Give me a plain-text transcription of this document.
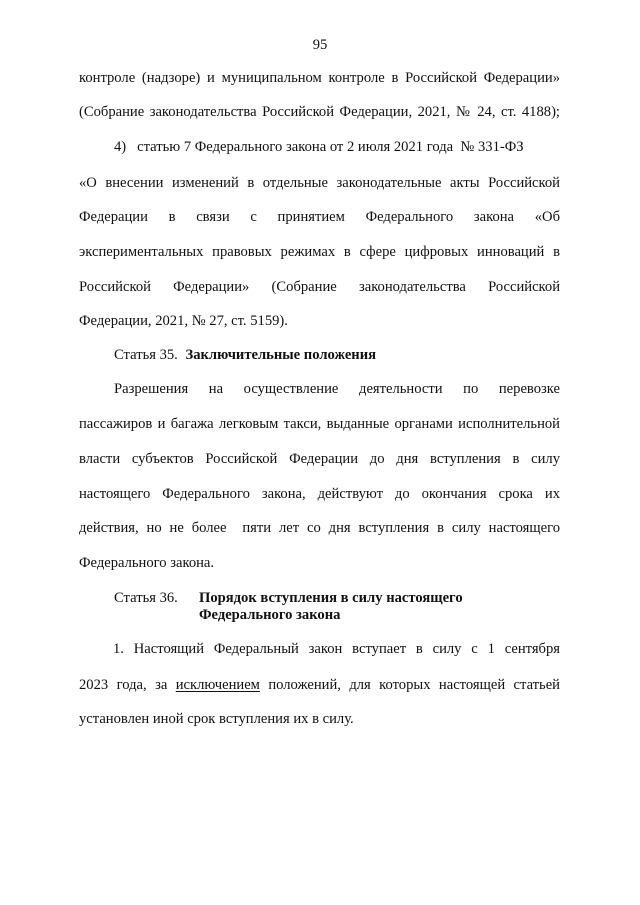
95
контроле (надзоре) и муниципальном контроле в Российской Федерации»
(Собрание законодательства Российской Федерации, 2021, № 24, ст. 4188);
4)   статью 7 Федерального закона от 2 июля 2021 года  № 331-ФЗ
«О внесении изменений в отдельные законодательные акты Российской
Федерации в связи с принятием Федерального закона «Об
экспериментальных правовых режимах в сфере цифровых инноваций в
Российской Федерации» (Собрание законодательства Российской
Федерации, 2021, № 27, ст. 5159).
Статья 35. Заключительные положения
Разрешения на осуществление деятельности по перевозке
пассажиров и багажа легковым такси, выданные органами исполнительной
власти субъектов Российской Федерации до дня вступления в силу
настоящего Федерального закона, действуют до окончания срока их
действия, но не более  пяти лет со дня вступления в силу настоящего
Федерального закона.
Статья 36. Порядок вступления в силу настоящего
Федерального закона
1. Настоящий Федеральный закон вступает в силу с 1 сентября
2023 года, за исключением положений, для которых настоящей статьей
установлен иной срок вступления их в силу.
